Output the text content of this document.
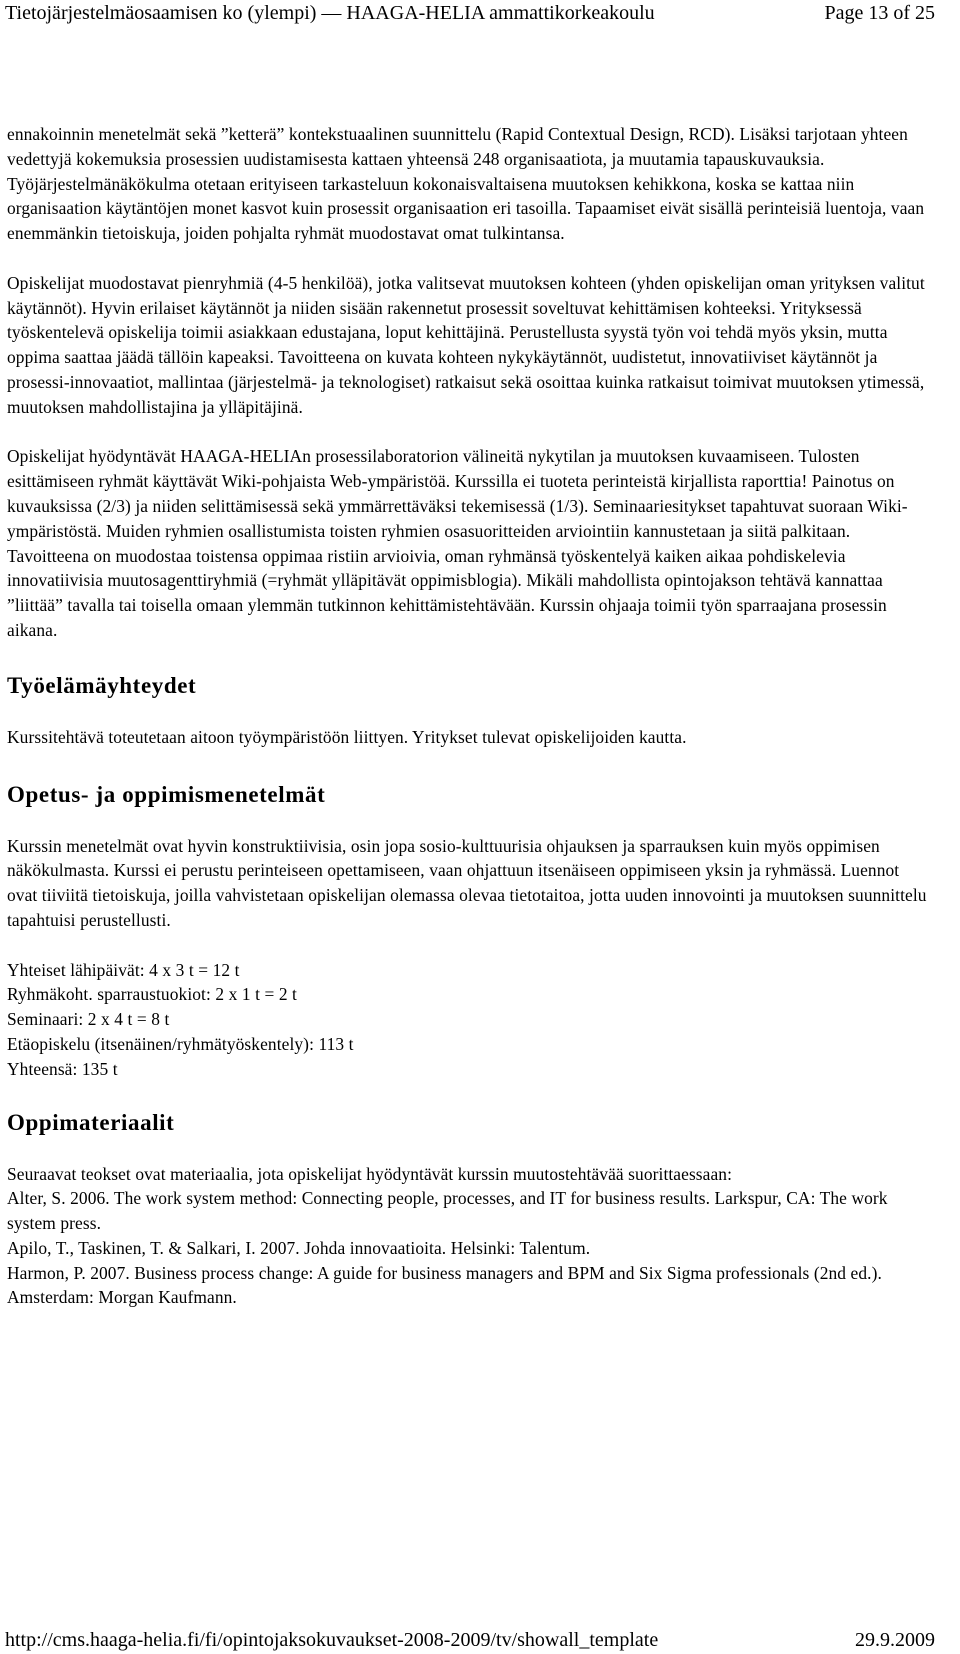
Tietojärjestelmäosaamisen ko (ylempi) — HAAGA-HELIA ammattikorkeakoulu	Page 13 of 25

ennakoinnin menetelmät sekä ”ketterä” kontekstuaalinen suunnittelu (Rapid Contextual Design, RCD). Lisäksi tarjotaan yhteen vedettyjä kokemuksia prosessien uudistamisesta kattaen yhteensä 248 organisaatiota, ja muutamia tapauskuvauksia. Työjärjestelmänäkökulma otetaan erityiseen tarkasteluun kokonaisvaltaisena muutoksen kehikkona, koska se kattaa niin organisaation käytäntöjen monet kasvot kuin prosessit organisaation eri tasoilla. Tapaamiset eivät sisällä perinteisiä luentoja, vaan enemmänkin tietoiskuja, joiden pohjalta ryhmät muodostavat omat tulkintansa.

Opiskelijat muodostavat pienryhmiä (4-5 henkilöä), jotka valitsevat muutoksen kohteen (yhden opiskelijan oman yrityksen valitut käytännöt). Hyvin erilaiset käytännöt ja niiden sisään rakennetut prosessit soveltuvat kehittämisen kohteeksi. Yrityksessä työskentelevä opiskelija toimii asiakkaan edustajana, loput kehittäjinä. Perustellusta syystä työn voi tehdä myös yksin, mutta oppima saattaa jäädä tällöin kapeaksi. Tavoitteena on kuvata kohteen nykykäytännöt, uudistetut, innovatiiviset käytännöt ja prosessi-innovaatiot, mallintaa (järjestelmä- ja teknologiset) ratkaisut sekä osoittaa kuinka ratkaisut toimivat muutoksen ytimessä, muutoksen mahdollistajina ja ylläpitäjinä.

Opiskelijat hyödyntävät HAAGA-HELIAn prosessilaboratorion välineitä nykytilan ja muutoksen kuvaamiseen. Tulosten esittämiseen ryhmät käyttävät Wiki-pohjaista Web-ympäristöä. Kurssilla ei tuoteta perinteistä kirjallista raporttia! Painotus on kuvauksissa (2/3) ja niiden selittämisessä sekä ymmärrettäväksi tekemisessä (1/3). Seminaariesitykset tapahtuvat suoraan Wiki-ympäristöstä. Muiden ryhmien osallistumista toisten ryhmien osasuoritteiden arviointiin kannustetaan ja siitä palkitaan. Tavoitteena on muodostaa toistensa oppimaa ristiin arvioivia, oman ryhmänsä työskentelyä kaiken aikaa pohdiskelevia innovatiivisia muutosagenttiryhmiä (=ryhmät ylläpitävät oppimisblogia). Mikäli mahdollista opintojakson tehtävä kannattaa ”liittää” tavalla tai toisella omaan ylemmän tutkinnon kehittämistehtävään. Kurssin ohjaaja toimii työn sparraajana prosessin aikana.

Työelämäyhteydet

Kurssitehtävä toteutetaan aitoon työympäristöön liittyen. Yritykset tulevat opiskelijoiden kautta.

Opetus- ja oppimismenetelmät

Kurssin menetelmät ovat hyvin konstruktiivisia, osin jopa sosio-kulttuurisia ohjauksen ja sparrauksen kuin myös oppimisen näkökulmasta. Kurssi ei perustu perinteiseen opettamiseen, vaan ohjattuun itsenäiseen oppimiseen yksin ja ryhmässä. Luennot ovat tiiviitä tietoiskuja, joilla vahvistetaan opiskelijan olemassa olevaa tietotaitoa, jotta uuden innovointi ja muutoksen suunnittelu tapahtuisi perustellusti.

Yhteiset lähipäivät: 4 x 3 t = 12 t
Ryhmäkoht. sparraustuokiot: 2 x 1 t = 2 t
Seminaari: 2 x 4 t = 8 t
Etäopiskelu (itsenäinen/ryhmätyöskentely): 113 t
Yhteensä: 135 t
Oppimateriaalit

Seuraavat teokset ovat materiaalia, jota opiskelijat hyödyntävät kurssin muutostehtävää suorittaessaan:

Alter, S. 2006. The work system method: Connecting people, processes, and IT for business results. Larkspur, CA: The work system press.
Apilo, T., Taskinen, T. & Salkari, I. 2007. Johda innovaatioita. Helsinki: Talentum.
Harmon, P. 2007. Business process change: A guide for business managers and BPM and Six Sigma professionals (2nd ed.). Amsterdam: Morgan Kaufmann.
http://cms.haaga-helia.fi/fi/opintojaksokuvaukset-2008-2009/tv/showall_template	29.9.2009
